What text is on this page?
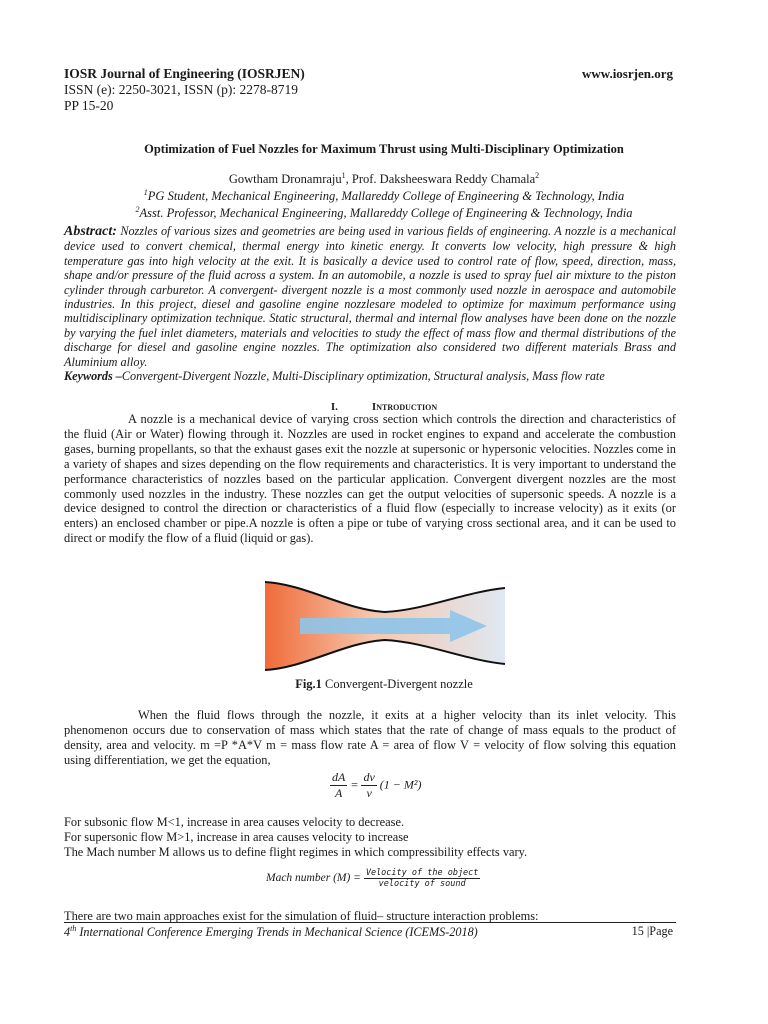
IOSR Journal of Engineering (IOSRJEN)
ISSN (e): 2250-3021, ISSN (p): 2278-8719
PP 15-20
www.iosrjen.org
Optimization of Fuel Nozzles for Maximum Thrust using Multi-Disciplinary Optimization
Gowtham Dronamraju$^1$, Prof. Daksheeswara Reddy Chamala$^2$
$^1$PG Student, Mechanical Engineering, Mallareddy College of Engineering & Technology, India
$^2$Asst. Professor, Mechanical Engineering, Mallareddy College of Engineering & Technology, India
Abstract: Nozzles of various sizes and geometries are being used in various fields of engineering. A nozzle is a mechanical device used to convert chemical, thermal energy into kinetic energy. It converts low velocity, high pressure & high temperature gas into high velocity at the exit. It is basically a device used to control rate of flow, speed, direction, mass, shape and/or pressure of the fluid across a system. In an automobile, a nozzle is used to spray fuel air mixture to the piston cylinder through carburetor. A convergent- divergent nozzle is a most commonly used nozzle in aerospace and automobile industries. In this project, diesel and gasoline engine nozzlesare modeled to optimize for maximum performance using multidisciplinary optimization technique. Static structural, thermal and internal flow analyses have been done on the nozzle by varying the fuel inlet diameters, materials and velocities to study the effect of mass flow and thermal distributions of the discharge for diesel and gasoline engine nozzles. The optimization also considered two different materials Brass and Aluminium alloy.
Keywords –Convergent-Divergent Nozzle, Multi-Disciplinary optimization, Structural analysis, Mass flow rate
I.	Introduction
A nozzle is a mechanical device of varying cross section which controls the direction and characteristics of the fluid (Air or Water) flowing through it. Nozzles are used in rocket engines to expand and accelerate the combustion gases, burning propellants, so that the exhaust gases exit the nozzle at supersonic or hypersonic velocities. Nozzles come in a variety of shapes and sizes depending on the flow requirements and characteristics. It is very important to understand the performance characteristics of nozzles based on the particular application. Convergent divergent nozzles are the most commonly used nozzles in the industry. These nozzles can get the output velocities of supersonic speeds. A nozzle is a device designed to control the direction or characteristics of a fluid flow (especially to increase velocity) as it exits (or enters) an enclosed chamber or pipe.A nozzle is often a pipe or tube of varying cross sectional area, and it can be used to direct or modify the flow of a fluid (liquid or gas).
Fig.1 Convergent-Divergent nozzle
When the fluid flows through the nozzle, it exits at a higher velocity than its inlet velocity. This phenomenon occurs due to conservation of mass which states that the rate of change of mass equals to the product of density, area and velocity. m =P *A*V m = mass flow rate A = area of flow V = velocity of flow solving this equation using differentiation, we get the equation,
$\frac{dA}{A} = \frac{dv}{v} (1 - M^2)$
For subsonic flow M<1, increase in area causes velocity to decrease.
For supersonic flow M>1, increase in area causes velocity to increase
The Mach number M allows us to define flight regimes in which compressibility effects vary.
Mach number $(M) = \frac{\text{Velocity of the object}}{\text{velocity of sound}}$
There are two main approaches exist for the simulation of fluid– structure interaction problems:
4th International Conference Emerging Trends in Mechanical Science (ICEMS-2018)	15 |Page
